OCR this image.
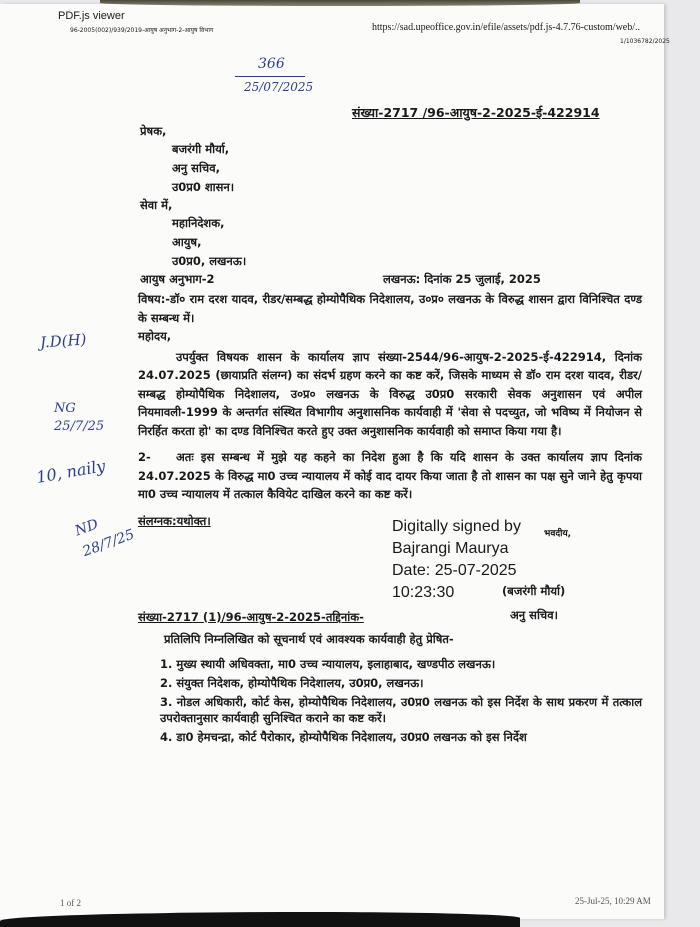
PDF.js viewer
96-2005(002)/939/2019-आयुष अनुभाग-2-आयुष विभाग	https://sad.upeoffice.gov.in/efile/assets/pdf.js-4.7.76-custom/web/..
1/1036782/2025
366
25/07/2025
संख्या-2717 /96-आयुष-2-2025-ई-422914
प्रेषक,
बजरंगी मौर्या,
अनु सचिव,
उ0प्र0 शासन।
सेवा में,
महानिदेशक,
आयुष,
उ0प्र0, लखनऊ।
आयुष अनुभाग-2	लखनऊ: दिनांक 25 जुलाई, 2025
विषय:-डॉ० राम दरश यादव, रीडर/सम्बद्ध होम्योपैथिक निदेशालय, उ०प्र० लखनऊ के विरुद्ध शासन द्वारा विनिश्चित दण्ड के सम्बन्ध में।
महोदय,
उपर्युक्त विषयक शासन के कार्यालय ज्ञाप संख्या-2544/96-आयुष-2-2025-ई-422914, दिनांक 24.07.2025 (छायाप्रति संलग्न) का संदर्भ ग्रहण करने का कष्ट करें, जिसके माध्यम से डॉ० राम दरश यादव, रीडर/सम्बद्ध होम्योपैथिक निदेशालय, उ०प्र० लखनऊ के विरुद्ध उ0प्र0 सरकारी सेवक अनुशासन एवं अपील नियमावली-1999 के अन्तर्गत संस्थित विभागीय अनुशासनिक कार्यवाही में 'सेवा से पदच्युत, जो भविष्य में नियोजन से निरर्हित करता हो' का दण्ड विनिश्चित करते हुए उक्त अनुशासनिक कार्यवाही को समाप्त किया गया है।
2-	अतः इस सम्बन्ध में मुझे यह कहने का निदेश हुआ है कि यदि शासन के उक्त कार्यालय ज्ञाप दिनांक 24.07.2025 के विरुद्ध मा0 उच्च न्यायालय में कोई वाद दायर किया जाता है तो शासन का पक्ष सुने जाने हेतु कृपया मा0 उच्च न्यायालय में तत्काल कैवियेट दाखिल करने का कष्ट करें।
संलग्नक:यथोक्त।	Digitally signed by
Bajrangi Maurya
Date: 25-07-2025
10:23:30
भवदीय,
(बजरंगी मौर्या)
संख्या-2717 (1)/96-आयुष-2-2025-तद्दिनांक-	अनु सचिव।
प्रतिलिपि निम्नलिखित को सूचनार्थ एवं आवश्यक कार्यवाही हेतु प्रेषित-
1. मुख्य स्थायी अधिवक्ता, मा0 उच्च न्यायालय, इलाहाबाद, खण्डपीठ लखनऊ।
2. संयुक्त निदेशक, होम्योपैथिक निदेशालय, उ0प्र0, लखनऊ।
3. नोडल अधिकारी, कोर्ट केस, होम्योपैथिक निदेशालय, उ0प्र0 लखनऊ को इस निर्देश के साथ प्रकरण में तत्काल उपरोक्तानुसार कार्यवाही सुनिश्चित कराने का कष्ट करें।
4. डा0 हेमचन्द्रा, कोर्ट पैरोकार, होम्योपैथिक निदेशालय, उ0प्र0 लखनऊ को इस निर्देश
J.D(H)
NG 25/7/25
10, naily
ND 28/7/25
1 of 2	25-Jul-25, 10:29 AM
